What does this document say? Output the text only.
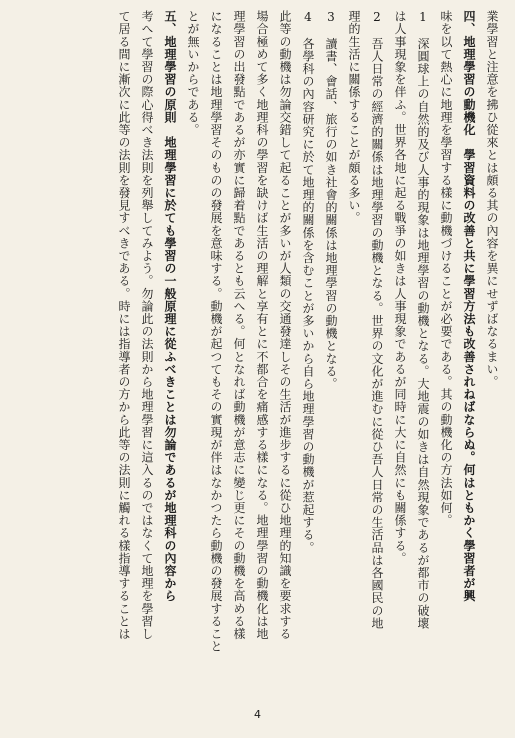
業學習と注意を拂ひ從來とは頗る其の內容を異にせずばなるまい。
四、地理學習の動機化　學習資料の改善と共に學習方法も改善されねばならぬ。何はともかく學習者が興
味を以て熱心に地理を學習する樣に動機づけることが必要である。其の動機化の方法如何。
1　深圓球上の自然的及び人事的現象は地理學習の動機となる。大地震の如きは自然現象であるが都市の破壞
は人事現象を伴ふ。世界各地に起る戰爭の如きは人事現象であるが同時に大に自然にも關係する。
2　吾人日常の經濟的關係は地理學習の動機となる。世界の文化が進むに從ひ吾人日常の生活品は各國民の地
理的生活に關係することが頗る多い。
3　讀書、會話、旅行の如き社會的關係は地理學習の動機となる。
4　各學科の內容研究に於て地理的關係を含むことが多いから自ら地理學習の動機が惹起する。
此等の動機は勿論交錯して起ることが多いが人類の交通發達しその生活が進步するに從ひ地理的知識を要求する
場合極めて多く地理科の學習を缺けば生活の理解と享有とに不都合を痛感する樣になる。地理學習の動機化は地
理學習の出發點であるが亦實に歸着點であるとも云へる。何となれば動機が意志に變じ更にその動機を高める樣
になることは地理學習そのものの發展を意味する。動機が起つてもその實現が伴はなかつたら動機の發展すること
とが無いからである。
五、地理學習の原則　地理學習に於ても學習の一般原理に從ふべきことは勿論であるが地理科の內容から
考へて學習の際心得べき法則を列舉してみよう。勿論此の法則から地理學習に這入るのではなくて地理を學習し
て居る間に漸次に此等の法則を發見すべきである。時には指導者の方から此等の法則に觸れる樣指導することは
4
